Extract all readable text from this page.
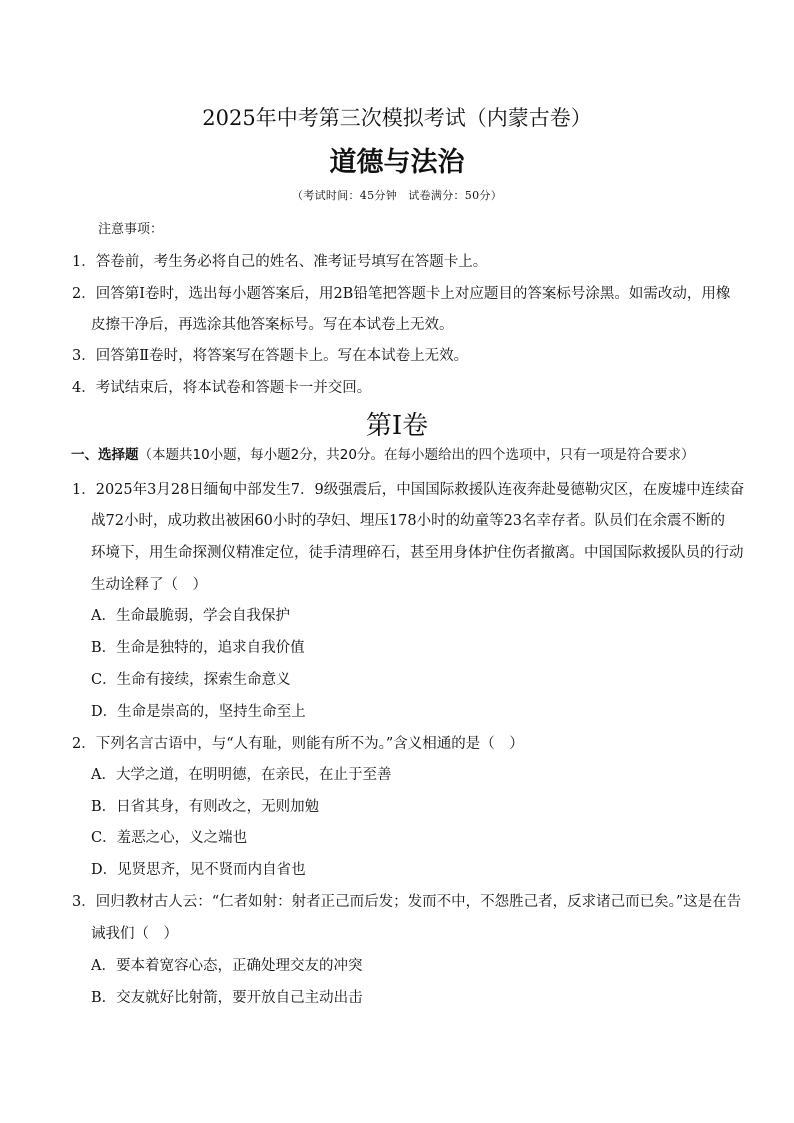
2025年中考第三次模拟考试（内蒙古卷）
道德与法治
（考试时间：45分钟　试卷满分：50分）
注意事项：
1．答卷前，考生务必将自己的姓名、准考证号填写在答题卡上。
2．回答第Ⅰ卷时，选出每小题答案后，用2B铅笔把答题卡上对应题目的答案标号涂黑。如需改动，用橡
皮擦干净后，再选涂其他答案标号。写在本试卷上无效。
3．回答第Ⅱ卷时，将答案写在答题卡上。写在本试卷上无效。
4．考试结束后，将本试卷和答题卡一并交回。
第Ⅰ卷
一、选择题（本题共10小题，每小题2分，共20分。在每小题给出的四个选项中，只有一项是符合要求）
1．2025年3月28日缅甸中部发生7．9级强震后，中国国际救援队连夜奔赴曼德勒灾区，在废墟中连续奋
战72小时，成功救出被困60小时的孕妇、埋压178小时的幼童等23名幸存者。队员们在余震不断的
环境下，用生命探测仪精准定位，徒手清理碎石，甚至用身体护住伤者撤离。中国国际救援队员的行动
生动诠释了（　）
A．生命最脆弱，学会自我保护
B．生命是独特的，追求自我价值
C．生命有接续，探索生命意义
D．生命是崇高的，坚持生命至上
2．下列名言古语中，与“人有耻，则能有所不为。”含义相通的是（　）
A．大学之道，在明明德，在亲民，在止于至善
B．日省其身，有则改之，无则加勉
C．羞恶之心，义之端也
D．见贤思齐，见不贤而内自省也
3．回归教材古人云：“仁者如射：射者正己而后发；发而不中，不怨胜己者，反求诸己而已矣。”这是在告
诫我们（　）
A．要本着宽容心态，正确处理交友的冲突
B．交友就好比射箭，要开放自己主动出击
